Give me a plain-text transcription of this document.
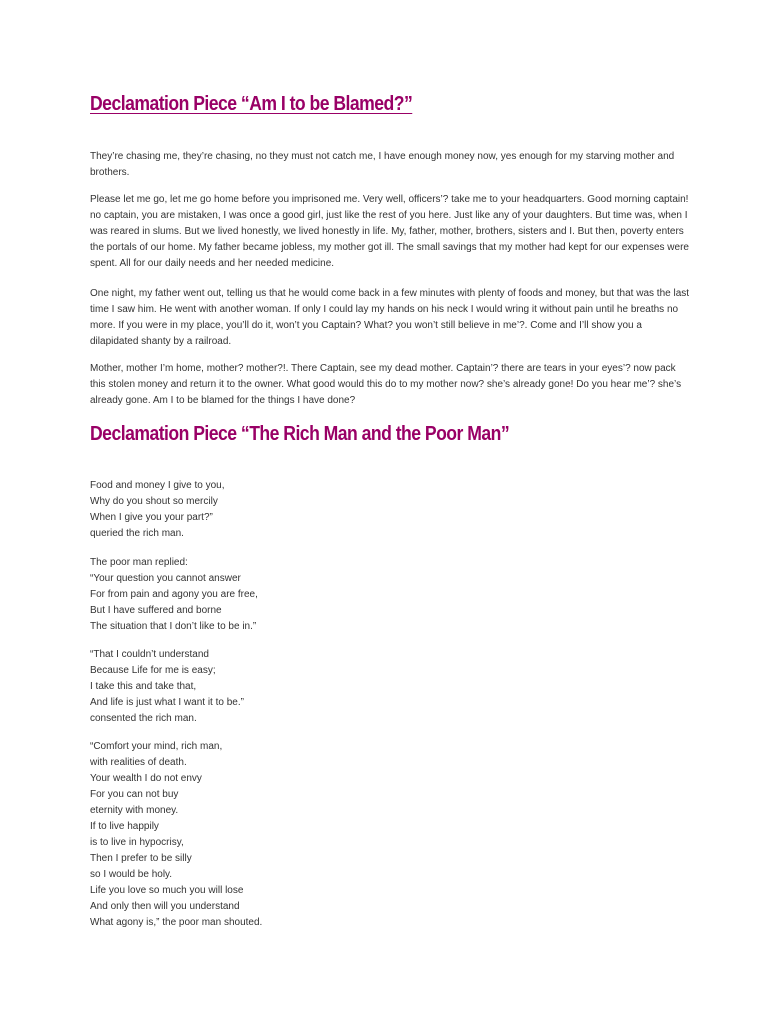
Declamation Piece “Am I to be Blamed?”

They’re chasing me, they’re chasing, no they must not catch me, I have enough money now, yes enough for my starving mother and brothers.

Please let me go, let me go home before you imprisoned me. Very well, officers’? take me to your headquarters. Good morning captain! no captain, you are mistaken, I was once a good girl, just like the rest of you here. Just like any of your daughters. But time was, when I was reared in slums. But we lived honestly, we lived honestly in life. My, father, mother, brothers, sisters and I. But then, poverty enters the portals of our home. My father became jobless, my mother got ill. The small savings that my mother had kept for our expenses were spent. All for our daily needs and her needed medicine.

One night, my father went out, telling us that he would come back in a few minutes with plenty of foods and money, but that was the last time I saw him. He went with another woman. If only I could lay my hands on his neck I would wring it without pain until he breaths no more. If you were in my place, you’ll do it, won’t you Captain? What? you won’t still believe in me’?. Come and I’ll show you a dilapidated shanty by a railroad.

Mother, mother I’m home, mother? mother?!. There Captain, see my dead mother. Captain’? there are tears in your eyes’? now pack this stolen money and return it to the owner. What good would this do to my mother now? she’s already gone! Do you hear me’? she’s already gone. Am I to be blamed for the things I have done?

Declamation Piece “The Rich Man and the Poor Man”
Food and money I give to you,
Why do you shout so mercily
When I give you your part?”
queried the rich man.
The poor man replied:
“Your question you cannot answer
For from pain and agony you are free,
But I have suffered and borne
The situation that I don’t like to be in.”
“That I couldn’t understand
Because Life for me is easy;
I take this and take that,
And life is just what I want it to be.”
consented the rich man.
“Comfort your mind, rich man,
with realities of death.
Your wealth I do not envy
For you can not buy
eternity with money.
If to live happily
is to live in hypocrisy,
Then I prefer to be silly
so I would be holy.
Life you love so much you will lose
And only then will you understand
What agony is,” the poor man shouted.
